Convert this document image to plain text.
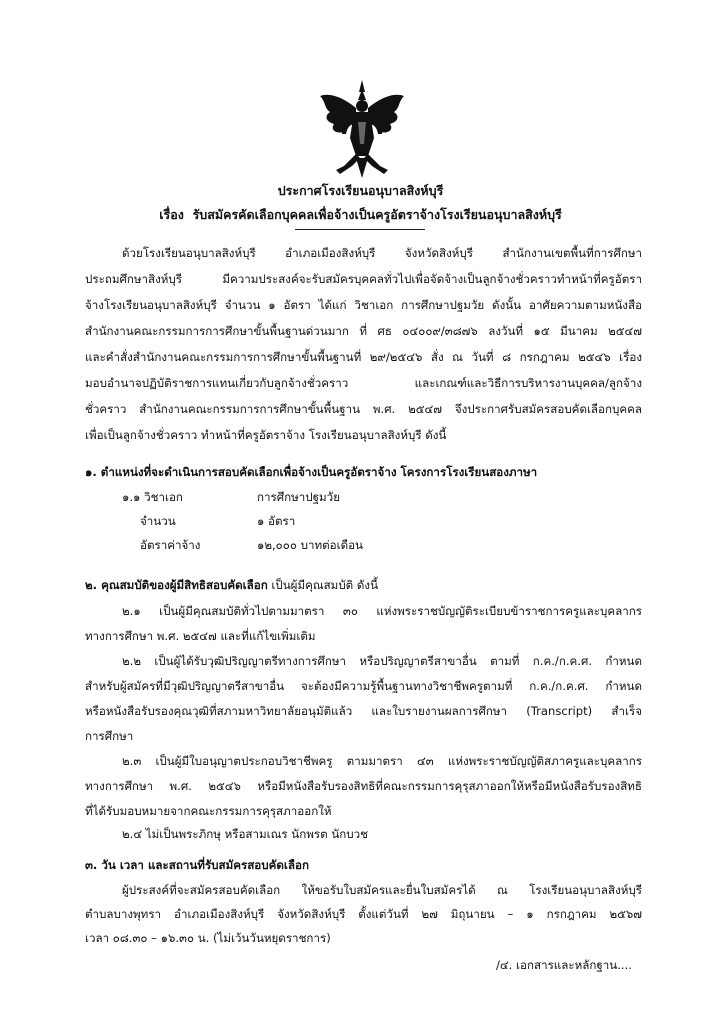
ประกาศโรงเรียนอนุบาลสิงห์บุรี
เรื่อง รับสมัครคัดเลือกบุคคลเพื่อจ้างเป็นครูอัตราจ้างโรงเรียนอนุบาลสิงห์บุรี
ด้วยโรงเรียนอนุบาลสิงห์บุรี อำเภอเมืองสิงห์บุรี จังหวัดสิงห์บุรี สำนักงานเขตพื้นที่การศึกษา
ประถมศึกษาสิงห์บุรี มีความประสงค์จะรับสมัครบุคคลทั่วไปเพื่อจัดจ้างเป็นลูกจ้างชั่วคราวทำหน้าที่ครูอัตรา
จ้างโรงเรียนอนุบาลสิงห์บุรี จำนวน ๑ อัตรา ได้แก่ วิชาเอก การศึกษาปฐมวัย ดังนั้น อาศัยความตามหนังสือ
สำนักงานคณะกรรมการการศึกษาขั้นพื้นฐานด่วนมาก ที่ ศธ ๐๔๐๐๙/๓๘๗๖ ลงวันที่ ๑๕ มีนาคม ๒๕๔๗
และคำสั่งสำนักงานคณะกรรมการการศึกษาขั้นพื้นฐานที่ ๒๙/๒๕๔๖ สั่ง ณ วันที่ ๘ กรกฎาคม ๒๕๔๖ เรื่อง
มอบอำนาจปฏิบัติราชการแทนเกี่ยวกับลูกจ้างชั่วคราว และเกณฑ์และวิธีการบริหารงานบุคคล/ลูกจ้าง
ชั่วคราว สำนักงานคณะกรรมการการศึกษาขั้นพื้นฐาน พ.ศ. ๒๕๔๗ จึงประกาศรับสมัครสอบคัดเลือกบุคคล
เพื่อเป็นลูกจ้างชั่วคราว ทำหน้าที่ครูอัตราจ้าง โรงเรียนอนุบาลสิงห์บุรี ดังนี้
๑. ตำแหน่งที่จะดำเนินการสอบคัดเลือกเพื่อจ้างเป็นครูอัตราจ้าง โครงการโรงเรียนสองภาษา
๑.๑ วิชาเอก	การศึกษาปฐมวัย
จำนวน	๑ อัตรา
อัตราค่าจ้าง	๑๒,๐๐๐ บาทต่อเดือน
๒. คุณสมบัติของผู้มีสิทธิสอบคัดเลือก เป็นผู้มีคุณสมบัติ ดังนี้
๒.๑ เป็นผู้มีคุณสมบัติทั่วไปตามมาตรา ๓๐ แห่งพระราชบัญญัติระเบียบข้าราชการครูและบุคลากร
ทางการศึกษา พ.ศ. ๒๕๔๗ และที่แก้ไขเพิ่มเติม
๒.๒ เป็นผู้ได้รับวุฒิปริญญาตรีทางการศึกษา หรือปริญญาตรีสาขาอื่น ตามที่ ก.ค./ก.ค.ศ. กำหนด
สำหรับผู้สมัครที่มีวุฒิปริญญาตรีสาขาอื่น จะต้องมีความรู้พื้นฐานทางวิชาชีพครูตามที่ ก.ค./ก.ค.ศ. กำหนด
หรือหนังสือรับรองคุณวุฒิที่สภามหาวิทยาลัยอนุมัติแล้ว และใบรายงานผลการศึกษา (Transcript) สำเร็จ
การศึกษา
๒.๓ เป็นผู้มีใบอนุญาตประกอบวิชาชีพครู ตามมาตรา ๔๓ แห่งพระราชบัญญัติสภาครูและบุคลากร
ทางการศึกษา พ.ศ. ๒๕๔๖ หรือมีหนังสือรับรองสิทธิที่คณะกรรมการคุรุสภาออกให้หรือมีหนังสือรับรองสิทธิ
ที่ได้รับมอบหมายจากคณะกรรมการคุรุสภาออกให้
๒.๔ ไม่เป็นพระภิกษุ หรือสามเณร นักพรต นักบวช
๓. วัน เวลา และสถานที่รับสมัครสอบคัดเลือก
ผู้ประสงค์ที่จะสมัครสอบคัดเลือก ให้ขอรับใบสมัครและยื่นใบสมัครได้ ณ โรงเรียนอนุบาลสิงห์บุรี
ตำบลบางพุทรา อำเภอเมืองสิงห์บุรี จังหวัดสิงห์บุรี ตั้งแต่วันที่ ๒๗ มิถุนายน – ๑ กรกฎาคม ๒๕๖๗
เวลา ๐๘.๓๐ – ๑๖.๓๐ น. (ไม่เว้นวันหยุดราชการ)
/๔. เอกสารและหลักฐาน....
